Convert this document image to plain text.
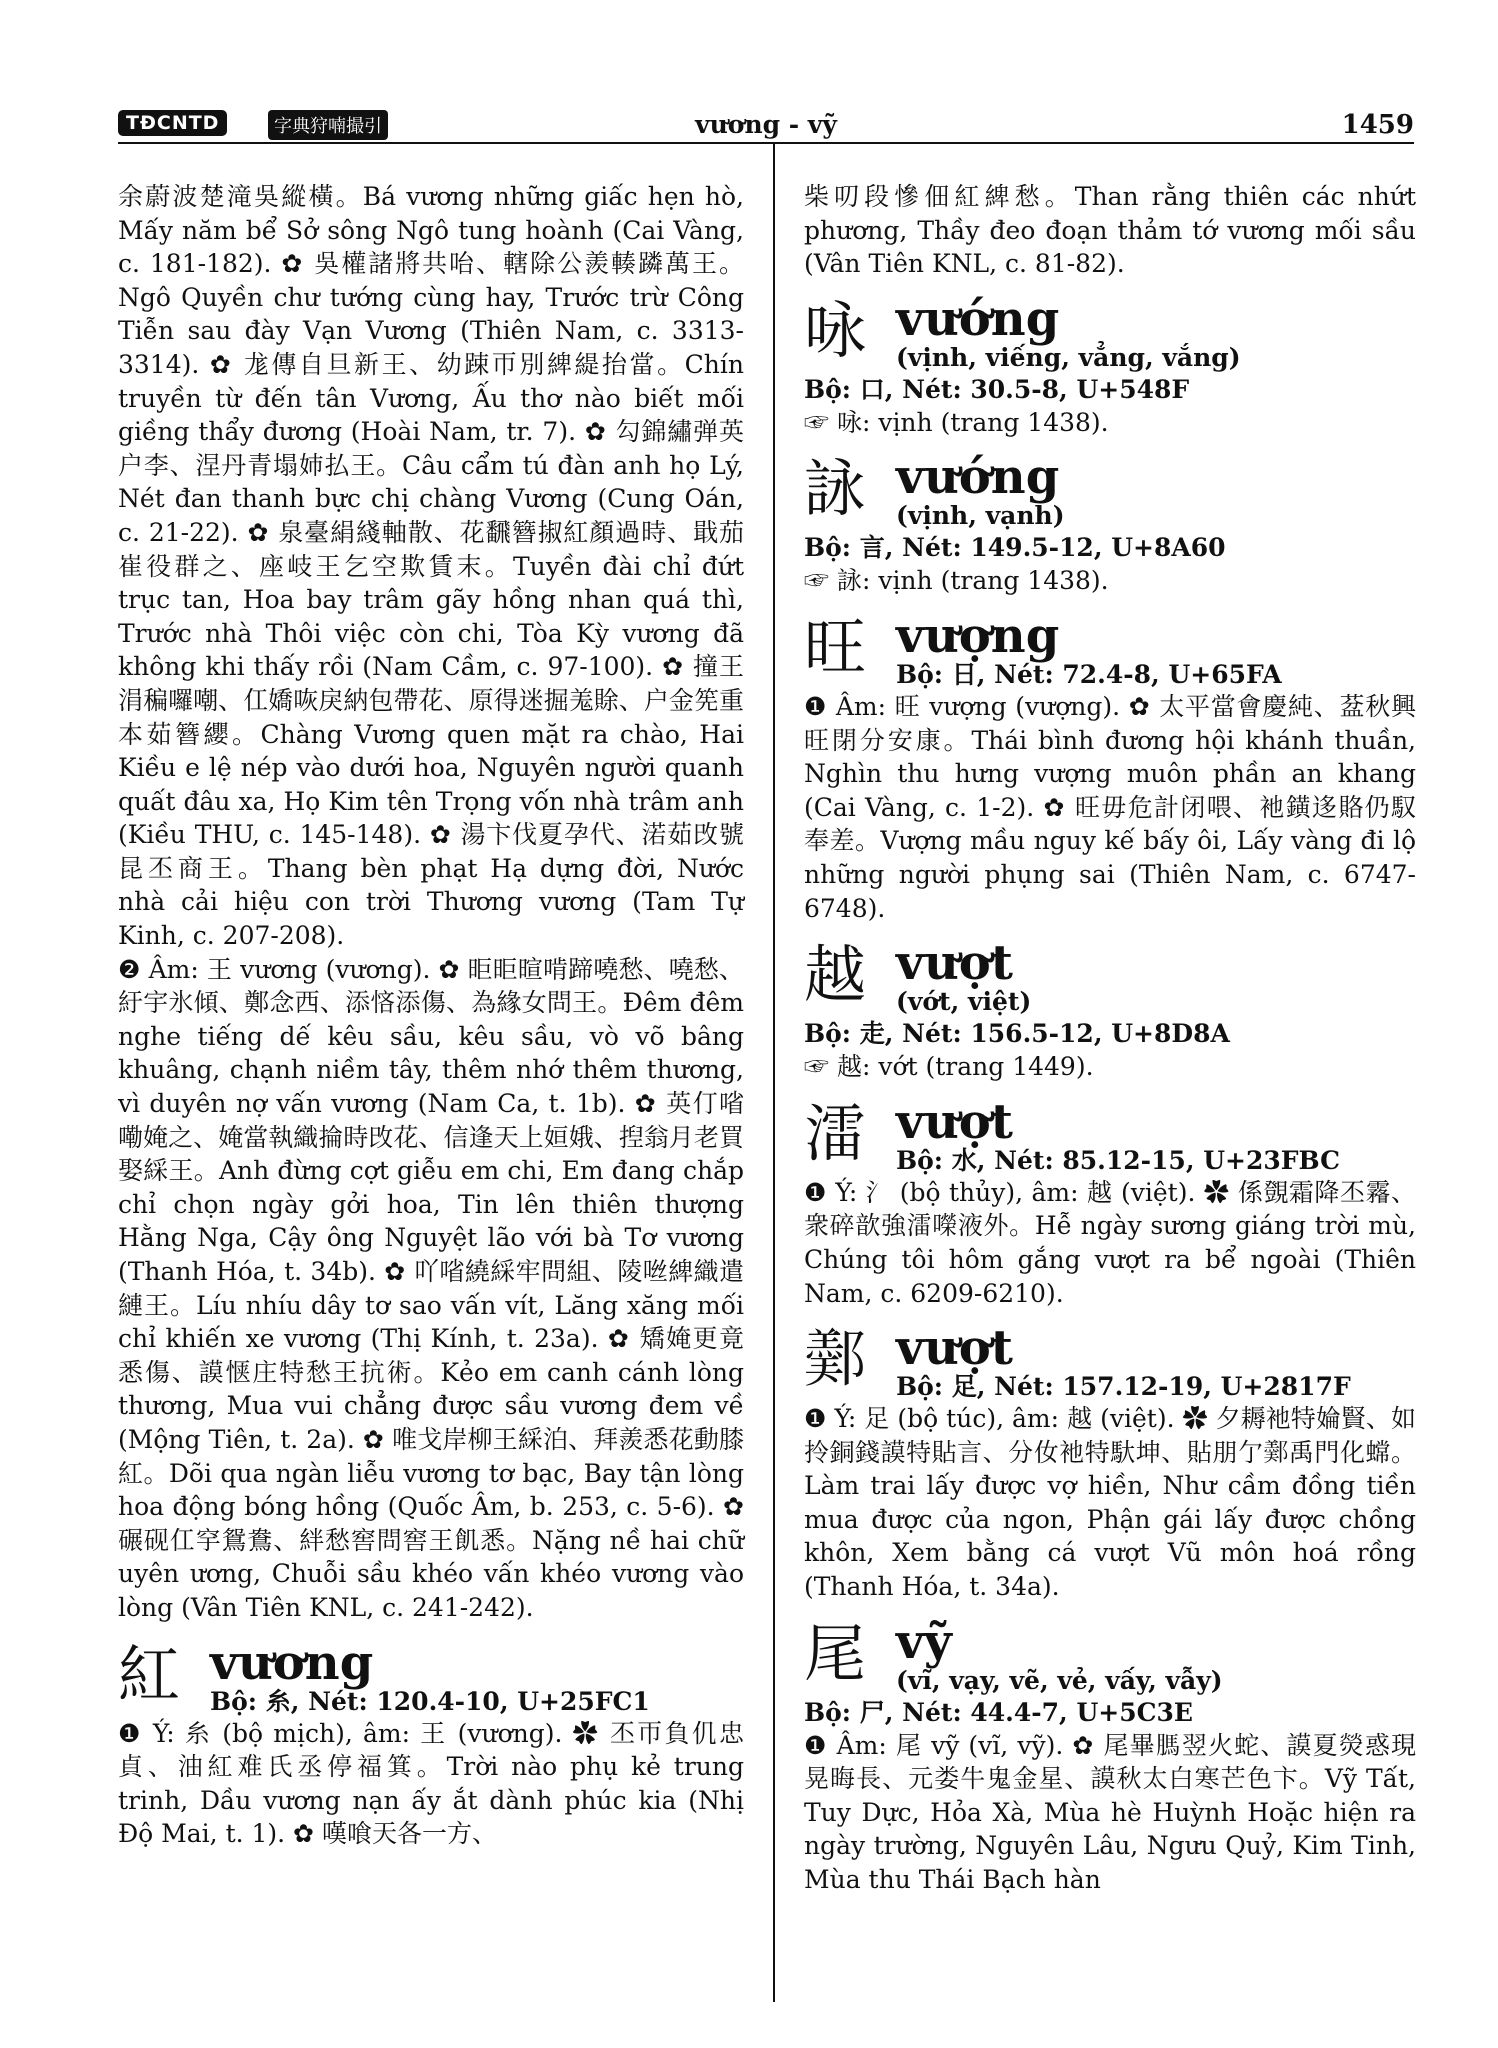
TĐCNTD	字典狩喃撮引	vương - vỹ	1459

余蔚波楚滝吳縱橫。Bá vương những giấc hẹn hò, Mấy năm bể Sở sông Ngô tung hoành (Cai Vàng, c. 181-182). ✿ 吳權諸將共咍、轄除公羨輳蹸萬王。Ngô Quyền chư tướng cùng hay, Trước trừ Công Tiễn sau đày Vạn Vương (Thiên Nam, c. 3313-3314). ✿ 尨傳自旦新王、幼踈帀別綼緹抬當。Chín truyền từ đến tân Vương, Ấu thơ nào biết mối giềng thẩy đương (Hoài Nam, tr. 7). ✿ 勾錦繡弹英户李、涅丹青塌姉払王。Câu cẩm tú đàn anh họ Lý, Nét đan thanh bực chị chàng Vương (Cung Oán, c. 21-22). ✿ 泉臺絹綫軸散、花飜簪掓紅顏過時、戢茄崔役群之、座岐王乞空欺賃末。Tuyền đài chỉ đứt trục tan, Hoa bay trâm gãy hồng nhan quá thì, Trước nhà Thôi việc còn chi, Tòa Kỳ vương đã không khi thấy rồi (Nam Cầm, c. 97-100). ✿ 撞王涓稨囉嘲、仜嬌咴戾納包帶花、原得迷掘羗賖、户金筅重本茹簪纓。Chàng Vương quen mặt ra chào, Hai Kiều e lệ nép vào dưới hoa, Nguyên người quanh quất đâu xa, Họ Kim tên Trọng vốn nhà trâm anh (Kiều THU, c. 145-148). ✿ 湯卞伐夏孕代、渃茹攺號昆丕商王。Thang bèn phạt Hạ dựng đời, Nước nhà cải hiệu con trời Thương vương (Tam Tự Kinh, c. 207-208).

❷ Âm: 王 vương (vương). ✿ 昛昛暄啃蹄嘵愁、嘵愁、紆宇氷傾、鄭念西、添悋添傷、為緣女問王。Đêm đêm nghe tiếng dế kêu sầu, kêu sầu, vò võ bâng khuâng, chạnh niềm tây, thêm nhớ thêm thương, vì duyên nợ vấn vương (Nam Ca, t. 1b). ✿ 英仃㗂嘞㛪之、㛪當執織掄時攺花、信逢天上姮娥、揑翁月老買娶綵王。Anh đừng cợt giễu em chi, Em đang chắp chỉ chọn ngày gởi hoa, Tin lên thiên thượng Hằng Nga, Cậy ông Nguyệt lão với bà Tơ vương (Thanh Hóa, t. 34b). ✿ 吖㗂繞綵牢問組、陵咝綼織遣縺王。Líu nhíu dây tơ sao vấn vít, Lăng xăng mối chỉ khiến xe vương (Thị Kính, t. 23a). ✿ 矯㛪更竟悉傷、謨惬庄特愁王抗術。Kẻo em canh cánh lòng thương, Mua vui chẳng được sầu vương đem về (Mộng Tiên, t. 2a). ✿ 唯戈岸柳王綵泊、拜羨悉花動膝紅。Dõi qua ngàn liễu vương tơ bạc, Bay tận lòng hoa động bóng hồng (Quốc Âm, b. 253, c. 5-6). ✿ 碾砚仜穻鴛鴦、絆愁窖問窖王飢悉。Nặng nề hai chữ uyên ương, Chuỗi sầu khéo vấn khéo vương vào lòng (Vân Tiên KNL, c. 241-242).

紅 vương
Bộ: 糸, Nét: 120.4-10, U+25FC1

❶ Ý: 糸 (bộ mịch), âm: 王 (vương). ✿ 丕帀負仉忠貞、油紅难氏丞停福箕。Trời nào phụ kẻ trung trinh, Dầu vương nạn ấy ắt dành phúc kia (Nhị Độ Mai, t. 1). ✿ 嘆喰天各一方、

柴叨段慘佃紅綼愁。Than rằng thiên các nhứt phương, Thầy đeo đoạn thảm tớ vương mối sầu (Vân Tiên KNL, c. 81-82).

咏 vướng
(vịnh, viếng, vẳng, vắng)
Bộ: 口, Nét: 30.5-8, U+548F

☞ 咏: vịnh (trang 1438).

詠 vướng
(vịnh, vạnh)
Bộ: 言, Nét: 149.5-12, U+8A60

☞ 詠: vịnh (trang 1438).

旺 vượng
Bộ: 日, Nét: 72.4-8, U+65FA

❶ Âm: 旺 vượng (vượng). ✿ 太平當會慶純、葐秋興旺閉分安康。Thái bình đương hội khánh thuần, Nghìn thu hưng vượng muôn phần an khang (Cai Vàng, c. 1-2). ✿ 旺毋危計闭喂、衪鐄迻賂仍馭奉差。Vượng mầu nguy kế bấy ôi, Lấy vàng đi lộ những người phụng sai (Thiên Nam, c. 6747-6748).

越 vượt
(vớt, việt)
Bộ: 走, Nét: 156.5-12, U+8D8A

☞ 越: vớt (trang 1449).

㵢 vượt
Bộ: 水, Nét: 85.12-15, U+23FBC

❶ Ý: 氵 (bộ thủy), âm: 越 (việt). ✿ 係覴霜降丕霿、衆碎歆強㵢㘇液外。Hễ ngày sương giáng trời mù, Chúng tôi hôm gắng vượt ra bể ngoài (Thiên Nam, c. 6209-6210).

𨞿 vượt
Bộ: 足, Nét: 157.12-19, U+2817F

❶ Ý: 足 (bộ túc), âm: 越 (việt). ✿ 夕耨衪特婨賢、如拎銅錢謨特貼言、分㚢衪特馱坤、貼朋亇𨞿禹門化蟐。Làm trai lấy được vợ hiền, Như cầm đồng tiền mua được của ngon, Phận gái lấy được chồng khôn, Xem bằng cá vượt Vũ môn hoá rồng (Thanh Hóa, t. 34a).

尾 vỹ
(vĩ, vạy, vẽ, vẻ, vấy, vẫy)
Bộ: 尸, Nét: 44.4-7, U+5C3E

❶ Âm: 尾 vỹ (vĩ, vỹ). ✿ 尾畢𦟐翌火蛇、謨夏熒惑現晃晦長、元娄牛鬼金星、謨秋太白寒芒色卞。Vỹ Tất, Tuy Dực, Hỏa Xà, Mùa hè Huỳnh Hoặc hiện ra ngày trường, Nguyên Lâu, Ngưu Quỷ, Kim Tinh, Mùa thu Thái Bạch hàn
